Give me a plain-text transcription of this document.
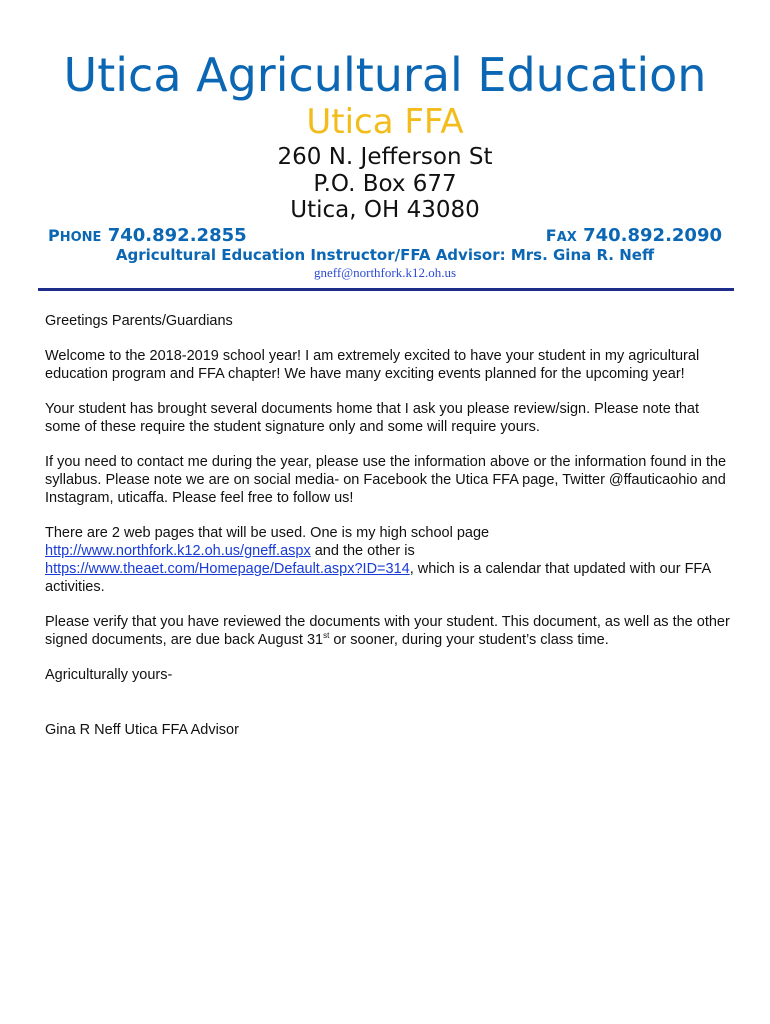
Utica Agricultural Education
Utica FFA
260 N. Jefferson St
P.O. Box 677
Utica, OH 43080
PHONE 740.892.2855	FAX 740.892.2090
Agricultural Education Instructor/FFA Advisor: Mrs. Gina R. Neff
gneff@northfork.k12.oh.us

Greetings Parents/Guardians

Welcome to the 2018-2019 school year! I am extremely excited to have your student in my agricultural education program and FFA chapter! We have many exciting events planned for the upcoming year!

Your student has brought several documents home that I ask you please review/sign. Please note that some of these require the student signature only and some will require yours.

If you need to contact me during the year, please use the information above or the information found in the syllabus. Please note we are on social media- on Facebook the Utica FFA page, Twitter @ffauticaohio and Instagram, uticaffa. Please feel free to follow us!

There are 2 web pages that will be used. One is my high school page http://www.northfork.k12.oh.us/gneff.aspx and the other is https://www.theaet.com/Homepage/Default.aspx?ID=314, which is a calendar that updated with our FFA activities.

Please verify that you have reviewed the documents with your student. This document, as well as the other signed documents, are due back August 31st or sooner, during your student’s class time.

Agriculturally yours-

Gina R Neff Utica FFA Advisor
